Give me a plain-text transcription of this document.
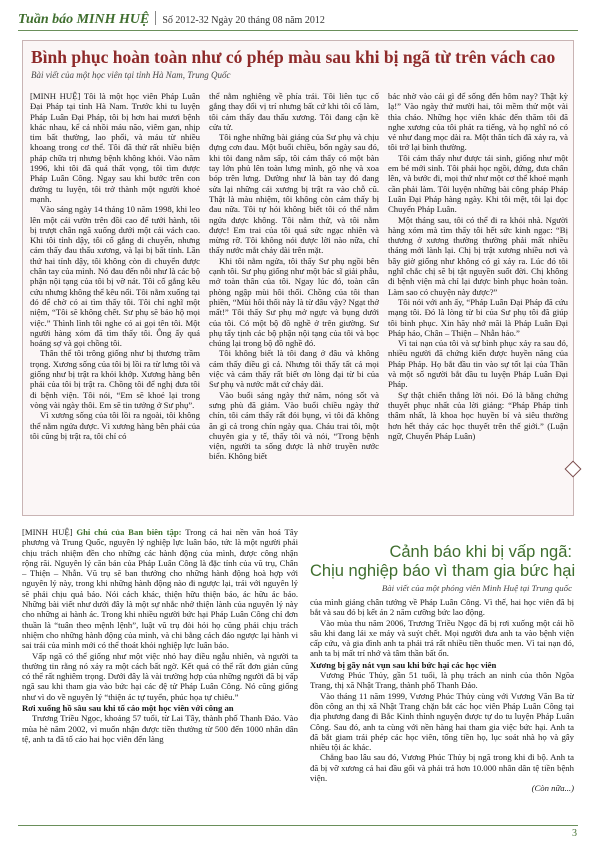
Tuần báo MINH HUỆ Số 2012-32 Ngày 20 tháng 08 năm 2012
Bình phục hoàn toàn như có phép màu sau khi bị ngã từ trên vách cao
Bài viết của một học viên tại tỉnh Hà Nam, Trung Quốc

[MINH HUỆ] Tôi là một học viên Pháp Luân Đại Pháp tại tỉnh Hà Nam. Trước khi tu luyện Pháp Luân Đại Pháp, tôi bị hơn hai mươi bệnh khác nhau, kể cả nhồi máu não, viêm gan, nhịp tim bất thường, lao phổi, và máu từ nhiều khoang trong cơ thể. Tôi đã thử rất nhiều biện pháp chữa trị nhưng bệnh không khỏi. Vào năm 1996, khi tôi đã quá thất vọng, tôi tìm được Pháp Luân Công. Ngay sau khi bước trên con đường tu luyện, tôi trở thành một người khoẻ mạnh.

Vào sáng ngày 14 tháng 10 năm 1998, khi leo lên một cái vườn trên đồi cao để tưới hành, tôi bị trượt chân ngã xuống dưới một cái vách cao. Khi tôi tỉnh dậy, tôi cố gắng di chuyển, nhưng cảm thấy đau thấu xương, và lại bị bất tỉnh. Lần thứ hai tỉnh dậy, tôi không còn di chuyển được chân tay của mình. Nó đau đến nỗi như là các bộ phận nội tạng của tôi bị vỡ nát. Tôi cố gắng kêu cứu nhưng không thể kêu nổi. Tôi nằm xuống tại đó để chờ có ai tìm thấy tôi. Tôi chỉ nghĩ một niệm, “Tôi sẽ không chết. Sư phụ sẽ bảo hộ mọi việc.” Thình lình tôi nghe có ai gọi tên tôi. Một người hàng xóm đã tìm thấy tôi. Ông ấy quá hoảng sợ và gọi chồng tôi.

Thân thể tôi trông giống như bị thương trầm trọng. Xương sống của tôi bị lồi ra từ lưng tôi và giống như bị trật ra khỏi khớp. Xương hàng bên phải của tôi bị trật ra. Chồng tôi để nghị đưa tôi đi bệnh viện. Tôi nói, “Em sẽ khoẻ lại trong vòng vài ngày thôi. Em sẽ tin tưởng ở Sư phụ”.

Vì xương sống của tôi lồi ra ngoài, tôi không thể nằm ngửa được. Vì xương hàng bên phải của tôi cũng bị trật ra, tôi chỉ có

thể nằm nghiêng về phía trái. Tôi liên tục cố gắng thay đổi vị trí nhưng bất cứ khi tôi cố làm, tôi cảm thấy đau thấu xương. Tôi đang cận kề cửa tử.

Tôi nghe những bài giảng của Sư phụ và chịu đựng cơn đau. Một buổi chiều, bốn ngày sau đó, khi tôi đang nằm sấp, tôi cảm thấy có một bàn tay lớn phủ lên toàn lưng mình, gõ nhẹ và xoa bóp trên lưng. Dường như là bàn tay đó đang sửa lại những cái xương bị trật ra vào chỗ cũ. Thật là màu nhiệm, tôi không còn cảm thấy bị đau nữa. Tôi tự hỏi không biết tôi có thể nằm ngửa được không. Tôi nằm thử, và tôi nằm được! Em trai của tôi quá sức ngạc nhiên và mừng rỡ. Tôi không nói được lời nào nữa, chỉ thấy nước mắt chảy dài trên mặt.

Khi tôi nằm ngửa, tôi thấy Sư phụ ngồi bên cạnh tôi. Sư phụ giống như một bác sĩ giải phẫu, mở toàn thân của tôi. Ngay lúc đó, toàn cân phòng ngập mùi hôi thối. Chồng của tôi than phiền, “Mùi hôi thối này là từ đâu vậy? Ngạt thở mất!” Tôi thấy Sư phụ mở ngực và bụng dưới của tôi. Có một bộ đồ nghề ở trên giường. Sư phụ tẩy tịnh các bộ phận nội tạng của tôi và bọc chúng lại trong bộ đồ nghề đó.

Tôi không biết là tôi đang ở đâu và không cảm thấy điều gì cả. Nhưng tôi thấy tất cả mọi việc và cảm thấy rất biết ơn lòng đại từ bi của Sư phụ và nước mắt cứ chảy dài.

Vào buổi sáng ngày thứ năm, nóng sốt và sưng phù đã giảm. Vào buổi chiều ngày thứ chín, tôi cảm thấy rất đói bụng, vì tôi đã không ăn gì cả trong chín ngày qua. Cháu trai tôi, một chuyên gia y tế, thấy tôi và nói, “Trong bệnh viện, người ta sống được là nhờ truyền nước biển. Không biết

bác nhờ vào cái gì để sống đến hôm nay? Thật kỳ lạ!” Vào ngày thứ mười hai, tôi mềm thử một vài thìa cháo. Những học viên khác đến thăm tôi đã nghe xương của tôi phát ra tiếng, và họ nghĩ nó có vẻ như đang mọc dài ra. Một thân tích đã xảy ra, và tôi trở lại bình thường.

Tôi cảm thấy như được tái sinh, giống như một em bé mới sinh. Tôi phải học ngồi, đứng, đưa chân lên, và bước đi, mọi thứ như một cơ thể khoẻ mạnh cần phải làm. Tôi luyện những bài công pháp Pháp Luân Đại Pháp hàng ngày. Khi tôi mệt, tôi lại đọc Chuyển Pháp Luân.

Một tháng sau, tôi có thể đi ra khỏi nhà. Người hàng xóm mà tìm thấy tôi hết sức kinh ngạc: “Bị thương ở xương thường thường phải mất nhiều tháng mới lành lại. Chị bị trật xương nhiều nơi và bây giờ giống như không có gì xảy ra. Lúc đó tôi nghĩ chắc chị sẽ bị tật nguyền suốt đời. Chị không đi bệnh viện mà chỉ lại được bình phục hoàn toàn. Làm sao có chuyện này được?”

Tôi nói với anh ấy, “Pháp Luân Đại Pháp đã cứu mạng tôi. Đó là lòng từ bi của Sư phụ tôi đã giúp tôi bình phục. Xin hãy nhớ mãi là Pháp Luân Đại Pháp hảo, Chân – Thiện – Nhẫn hảo.”

Vì tai nạn của tôi và sự bình phục xảy ra sau đó, nhiều người đã chứng kiến được huyền năng của Pháp Pháp. Họ bắt đầu tin vào sự tốt lại của Thần và một số người bắt đầu tu luyện Pháp Luân Đại Pháp.

Sự thật chiến thắng lời nói. Đó là bằng chứng thuyết phục nhất của lời giảng: “Pháp Pháp tinh thâm nhất, là khoa học huyền bí và siêu thường hơn hết thảy các học thuyết trên thế giới.” (Luận ngữ, Chuyển Pháp Luân)

[MINH HUỆ] Ghi chú của Ban biên tập: Trong cả hai nền văn hoá Tây phương và Trung Quốc, nguyên lý nghiệp lực luân báo, tức là một người phải chịu trách nhiệm đền cho những các hành động của mình, được công nhận rộng rãi. Nguyên lý căn bản của Pháp Luân Công là đặc tính của vũ trụ, Chân – Thiện – Nhẫn. Vũ trụ sẽ ban thưởng cho những hành động hoà hợp với nguyên lý này, trong khi những hành động nào đi ngược lại, trái với nguyên lý sẽ phải chịu quả báo. Nói cách khác, thiện hữu thiện báo, ác hữu ác báo. Những bài viết như dưới đây là một sự nhắc nhở thiện lành của nguyên lý này cho những ai hành ác. Trong khi nhiều người bức hại Pháp Luân Công chỉ đơn thuần là “tuân theo mệnh lệnh”, luật vũ trụ đòi hỏi họ cũng phải chịu trách nhiệm cho những hành động của mình, và chi bằng cách đáo ngược lại hành vi sai trái của mình mới có thể thoát khỏi nghiệp lực luân báo.

Vấp ngã có thể giống như một việc nhỏ hay điều ngẫu nhiên, và người ta thường tin rằng nó xảy ra một cách bất ngờ. Kết quả có thể rất đơn giản cũng có thể rất nghiêm trọng. Dưới đây là vài trường hợp của những người đã bị vấp ngã sau khi tham gia vào bức hại các đệ tử Pháp Luân Công. Nó cũng giống như vì do về nguyên lý “thiện ác tự tuyển, phúc họa tự chiêu.”

Rơi xuống hồ sâu sau khi tố cáo một học viên với công an

Trương Triều Ngọc, khoảng 57 tuổi, từ Lai Tây, thành phố Thanh Đảo. Vào mùa hè năm 2002, vì muốn nhận được tiền thưởng từ 500 đến 1000 nhân dân tệ, anh ta đã tố cáo hai học viên đến làng

Cảnh báo khi bị vấp ngã:
Chịu nghiệp báo vì tham gia bức hại
Bài viết của một phóng viên Minh Huệ tại Trung quốc

của mình giảng chân tướng về Pháp Luân Công. Vì thế, hai học viên đã bị bắt và sau đó bị kết án 2 năm cưỡng bức lao động.

Vào mùa thu năm 2006, Trương Triều Ngọc đã bị rơi xuống một cái hồ sâu khi đang lái xe máy và suýt chết. Mọi người đưa anh ta vào bệnh viện cấp cứu, và gia đình anh ta phải trả rất nhiều tiền thuốc men. Vì tai nạn đó, anh ta bị mất trí nhớ và tâm thần bất ổn.

Xương bị gãy nát vụn sau khi bức hại các học viên

Vương Phúc Thủy, gần 51 tuổi, là phụ trách an ninh của thôn Ngõa Trang, thị xã Nhật Trang, thành phố Thanh Đảo.

Vào tháng 11 năm 1999, Vương Phúc Thủy cùng với Vương Văn Ba từ đồn công an thị xã Nhật Trang chặn bắt các học viên Pháp Luân Công tại địa phương đang đi Bắc Kinh thỉnh nguyện được tự do tu luyện Pháp Luân Công. Sau đó, anh ta cùng với nền hàng hai tham gia việc bức hại. Anh ta đã bắt giam trái phép các học viên, tống tiền họ, lục soát nhà họ và gây nhiều tội ác khác.

Chẳng bao lâu sau đó, Vương Phúc Thủy bị ngã trong khi đi bộ. Anh ta đã bị vỡ xương cả hai đầu gối và phải trả hơn 10.000 nhân dân tệ tiền bệnh viện.

(Còn nữa...)

3
